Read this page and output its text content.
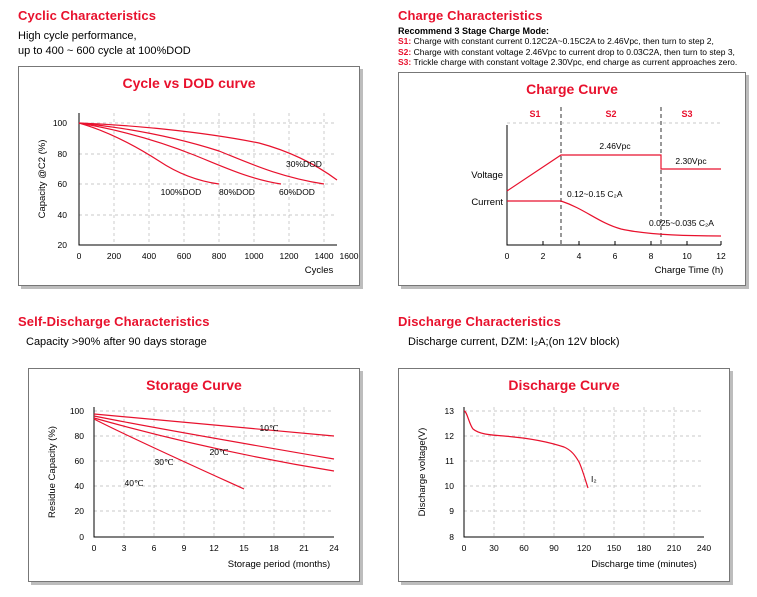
Cyclic Characteristics
High cycle performance,
up to 400 ~ 600 cycle at 100%DOD
Cycle vs DOD curve
100
80
60
40
20
0	200 400 600 800 1000 1200 1400 1600
Cycles
Capacity @C2 (%)	30%DOD
100%DOD 80%DOD	60%DOD
Charge Characteristics
Recommend 3 Stage Charge Mode:
S1: Charge with constant current 0.12C2A~0.15C2A to 2.46Vpc, then turn to step 2,
S2: Charge with constant voltage 2.46Vpc to current drop to 0.03C2A, then turn to step 3,
S3: Trickle charge with constant voltage 2.30Vpc, end charge as current approaches zero.
Charge Curve
S1	S2	S3
0	2	4	6	8	10	12
Charge Time (h)
Voltage
Current
2.46Vpc
2.30Vpc
0.12~0.15 C₂A
0.025~0.035 C₂A
Self-Discharge Characteristics
Capacity >90% after 90 days storage
Storage Curve
100
80
60
40
20
0
0	3	6	9	12 15 18 21 24
Storage period (months)
Residue Capacity (%)	10℃
20℃
30℃
40℃
Discharge Characteristics
Discharge current, DZM: I₂A;(on 12V block)
Discharge Curve
13
12
11
10
9
8
0	30 60 90 120 150 180 210 240
Discharge time (minutes)
Discharge voltage(V)	I₂
